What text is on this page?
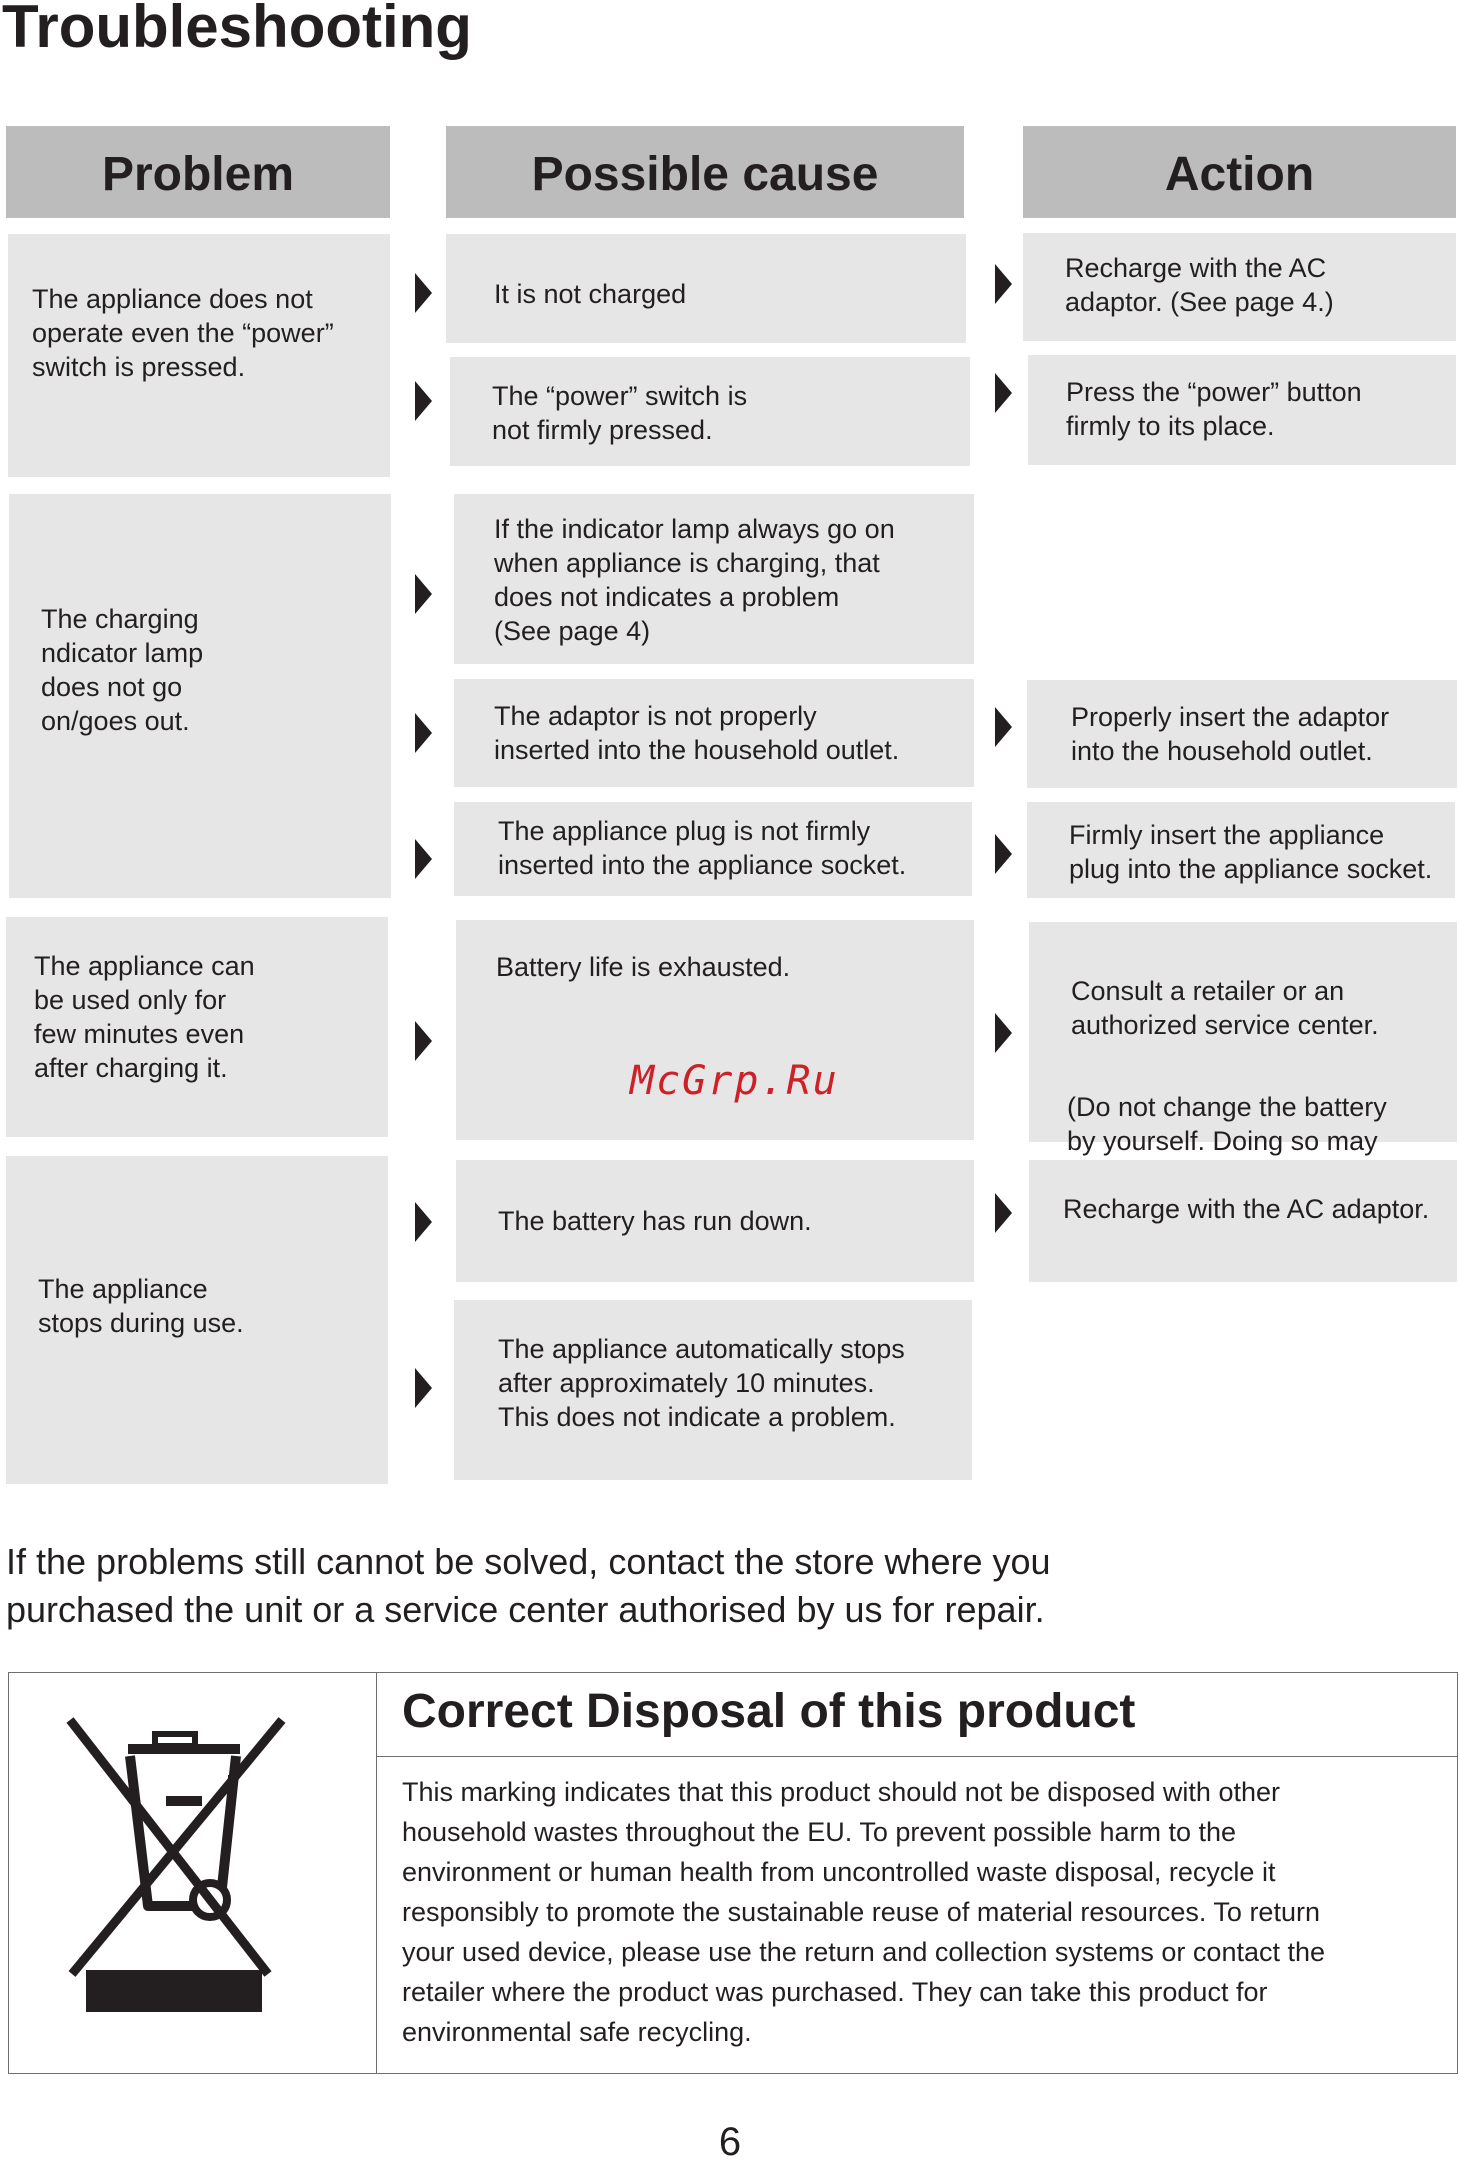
Troubleshooting
Problem	Possible cause	Action
The appliance does not
operate even the “power”
switch is pressed.
The charging
ndicator lamp
does not go
on/goes out.
The appliance can
be used only for
few minutes even
after charging it.
The appliance
stops during use.
It is not charged
The “power” switch is
not firmly pressed.
If the indicator lamp always go on
when appliance is charging, that
does not indicates a problem
(See page 4)
The adaptor is not properly
inserted into the household outlet.
The appliance plug is not firmly
inserted into the appliance socket.
Battery life is exhausted.
The battery has run down.
The appliance automatically stops
after approximately 10 minutes.
This does not indicate a problem.
McGrp.Ru
Recharge with the AC
adaptor. (See page 4.)
Press the “power” button
firmly to its place.
Properly insert the adaptor
into the household outlet.
Firmly insert the appliance
plug into the appliance socket.

Consult a retailer or an
authorized service center.

(Do not change the battery
by yourself. Doing so may

Recharge with the AC adaptor.
If the problems still cannot be solved, contact the store where you
purchased the unit or a service center authorised by us for repair.
Correct Disposal of this product
This marking indicates that this product should not be disposed with other
household wastes throughout the EU. To prevent possible harm to the
environment or human health from uncontrolled waste disposal, recycle it
responsibly to promote the sustainable reuse of material resources. To return
your used device, please use the return and collection systems or contact the
retailer where the product was purchased. They can take this product for
environmental safe recycling.
6
